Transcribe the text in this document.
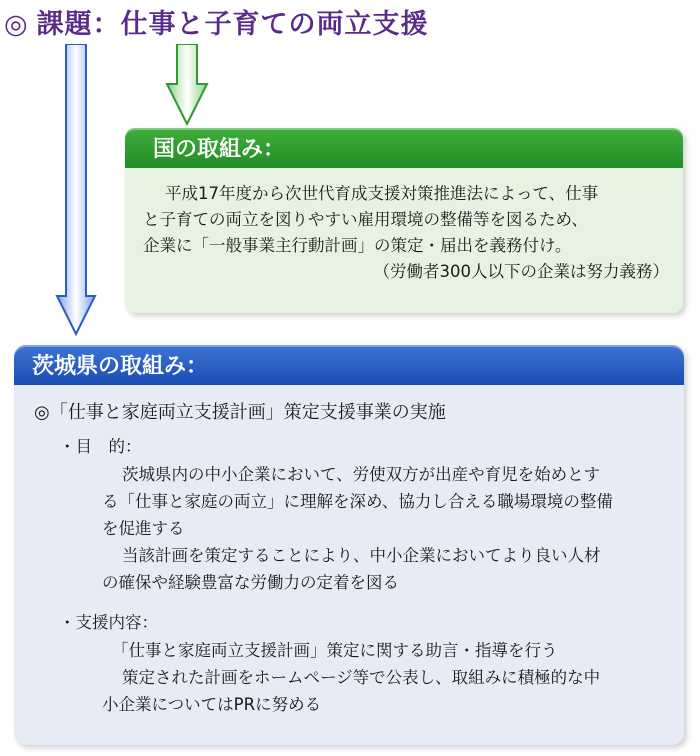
◎ 課題：仕事と子育ての両立支援
国の取組み：
平成17年度から次世代育成支援対策推進法によって、仕事
と子育ての両立を図りやすい雇用環境の整備等を図るため、
企業に「一般事業主行動計画」の策定・届出を義務付け。
（労働者300人以下の企業は努力義務）
茨城県の取組み：
◎「仕事と家庭両立支援計画」策定支援事業の実施
・目　的：
茨城県内の中小企業において、労使双方が出産や育児を始めとす
る「仕事と家庭の両立」に理解を深め、協力し合える職場環境の整備
を促進する
当該計画を策定することにより、中小企業においてより良い人材
の確保や経験豊富な労働力の定着を図る
・支援内容：
「仕事と家庭両立支援計画」策定に関する助言・指導を行う
策定された計画をホームページ等で公表し、取組みに積極的な中
小企業についてはPRに努める
